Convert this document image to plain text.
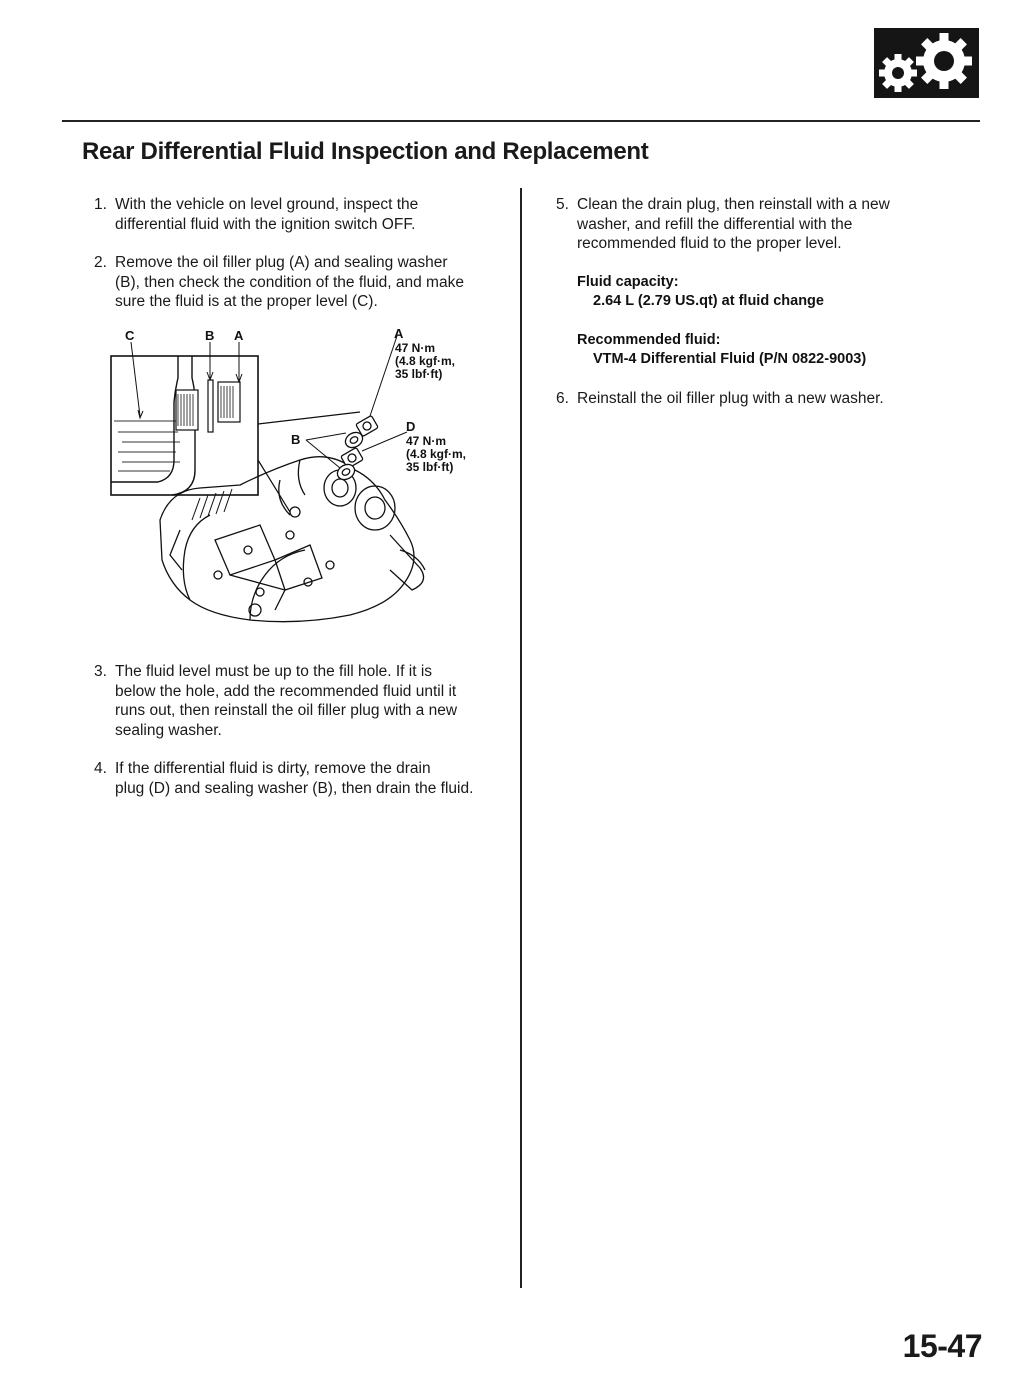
Rear Differential Fluid Inspection and Replacement
1. With the vehicle on level ground, inspect the
differential fluid with the ignition switch OFF.
2. Remove the oil filler plug (A) and sealing washer
(B), then check the condition of the fluid, and make
sure the fluid is at the proper level (C).
C	B A	A
47 N·m
(4.8 kgf·m,
35 lbf·ft)
B
D
47 N·m
(4.8 kgf·m,
35 lbf·ft)
3. The fluid level must be up to the fill hole. If it is
below the hole, add the recommended fluid until it
runs out, then reinstall the oil filler plug with a new
sealing washer.
4. If the differential fluid is dirty, remove the drain
plug (D) and sealing washer (B), then drain the fluid.
5. Clean the drain plug, then reinstall with a new
washer, and refill the differential with the
recommended fluid to the proper level.
Fluid capacity:
2.64 L (2.79 US.qt) at fluid change
Recommended fluid:
VTM-4 Differential Fluid (P/N 0822-9003)
6. Reinstall the oil filler plug with a new washer.
15-47
